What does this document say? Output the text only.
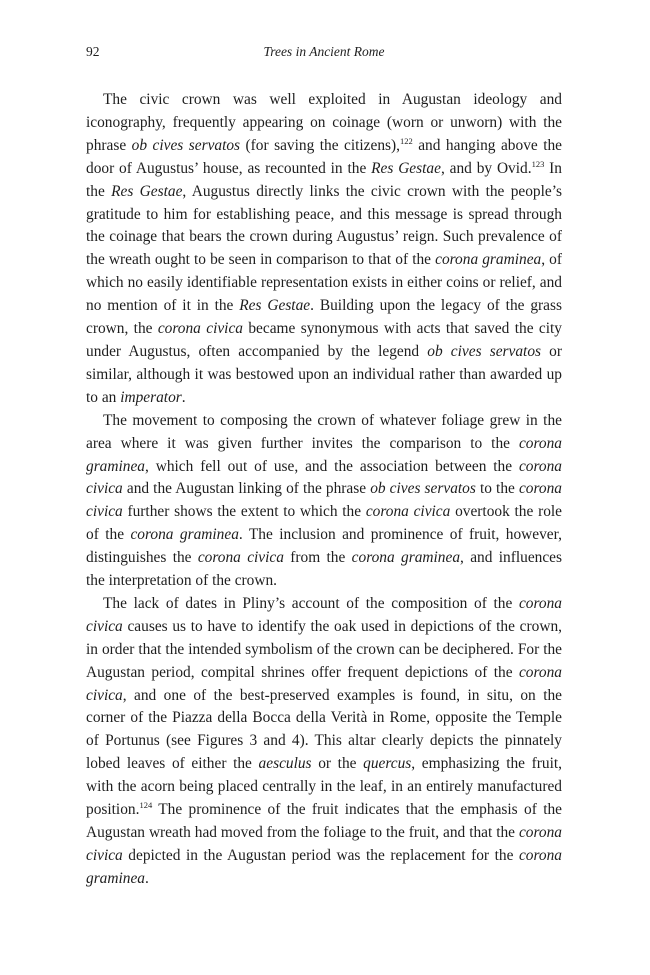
92	Trees in Ancient Rome

The civic crown was well exploited in Augustan ideology and iconography, frequently appearing on coinage (worn or unworn) with the phrase ob cives servatos (for saving the citizens),$^{122}$ and hanging above the door of Augustus’ house, as recounted in the Res Gestae, and by Ovid.$^{123}$ In the Res Gestae, Augustus directly links the civic crown with the people’s gratitude to him for establishing peace, and this message is spread through the coinage that bears the crown during Augustus’ reign. Such prevalence of the wreath ought to be seen in comparison to that of the corona graminea, of which no easily identifiable representation exists in either coins or relief, and no mention of it in the Res Gestae. Building upon the legacy of the grass crown, the corona civica became synonymous with acts that saved the city under Augustus, often accompanied by the legend ob cives servatos or similar, although it was bestowed upon an individual rather than awarded up to an imperator.

The movement to composing the crown of whatever foliage grew in the area where it was given further invites the comparison to the corona graminea, which fell out of use, and the association between the corona civica and the Augustan linking of the phrase ob cives servatos to the corona civica further shows the extent to which the corona civica overtook the role of the corona graminea. The inclusion and prominence of fruit, however, distinguishes the corona civica from the corona graminea, and influences the interpretation of the crown.

The lack of dates in Pliny’s account of the composition of the corona civica causes us to have to identify the oak used in depictions of the crown, in order that the intended symbolism of the crown can be deciphered. For the Augustan period, compital shrines offer frequent depictions of the corona civica, and one of the best-preserved examples is found, in situ, on the corner of the Piazza della Bocca della Verità in Rome, opposite the Temple of Portunus (see Figures 3 and 4). This altar clearly depicts the pinnately lobed leaves of either the aesculus or the quercus, emphasizing the fruit, with the acorn being placed centrally in the leaf, in an entirely manufactured position.$^{124}$ The prominence of the fruit indicates that the emphasis of the Augustan wreath had moved from the foliage to the fruit, and that the corona civica depicted in the Augustan period was the replacement for the corona graminea.
